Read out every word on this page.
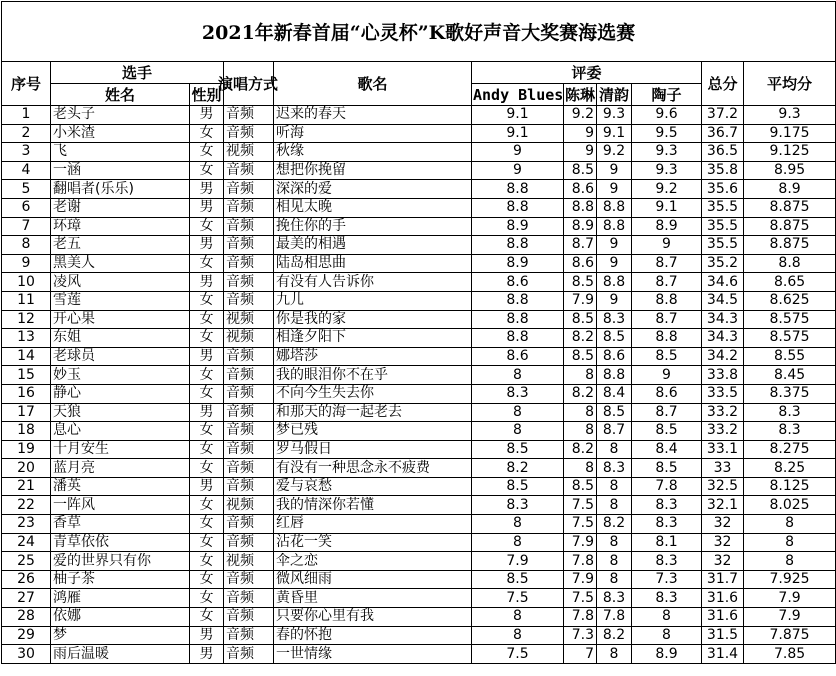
2021年新春首届“心灵杯”K歌好声音大奖赛海选赛										
序号	选手		演唱方式	歌名	评委				总分	平均分
	姓名	性别			Andy Blues	陈琳	清韵	陶子		
1	老头子	男	音频	迟来的春天	9.1	9.2	9.3	9.6	37.2	9.3
2	小米渣	女	音频	听海	9.1	9	9.1	9.5	36.7	9.175
3	飞	女	视频	秋缘	9	9	9.2	9.3	36.5	9.125
4	一涵	女	音频	想把你挽留	9	8.5	9	9.3	35.8	8.95
5	翻唱者(乐乐)	男	音频	深深的爱	8.8	8.6	9	9.2	35.6	8.9
6	老谢	男	音频	相见太晚	8.8	8.8	8.8	9.1	35.5	8.875
7	环璋	女	音频	挽住你的手	8.9	8.9	8.8	8.9	35.5	8.875
8	老五	男	音频	最美的相遇	8.8	8.7	9	9	35.5	8.875
9	黑美人	女	音频	陆岛相思曲	8.9	8.6	9	8.7	35.2	8.8
10	凌风	男	音频	有没有人告诉你	8.6	8.5	8.8	8.7	34.6	8.65
11	雪莲	女	音频	九儿	8.8	7.9	9	8.8	34.5	8.625
12	开心果	女	视频	你是我的家	8.8	8.5	8.3	8.7	34.3	8.575
13	东姐	女	视频	相逢夕阳下	8.8	8.2	8.5	8.8	34.3	8.575
14	老球员	男	音频	娜塔莎	8.6	8.5	8.6	8.5	34.2	8.55
15	妙玉	女	音频	我的眼泪你不在乎	8	8	8.8	9	33.8	8.45
16	静心	女	音频	不向今生失去你	8.3	8.2	8.4	8.6	33.5	8.375
17	天狼	男	音频	和那天的海一起老去	8	8	8.5	8.7	33.2	8.3
18	息心	女	音频	梦已残	8	8	8.7	8.5	33.2	8.3
19	十月安生	女	音频	罗马假日	8.5	8.2	8	8.4	33.1	8.275
20	蓝月亮	女	音频	有没有一种思念永不疲费	8.2	8	8.3	8.5	33	8.25
21	潘英	男	音频	爱与哀愁	8.5	8.5	8	7.8	32.5	8.125
22	一阵风	女	视频	我的情深你若懂	8.3	7.5	8	8.3	32.1	8.025
23	香草	女	音频	红唇	8	7.5	8.2	8.3	32	8
24	青草依依	女	音频	沾花一笑	8	7.9	8	8.1	32	8
25	爱的世界只有你	女	视频	伞之恋	7.9	7.8	8	8.3	32	8
26	柚子茶	女	音频	微风细雨	8.5	7.9	8	7.3	31.7	7.925
27	鸿雁	女	音频	黄昏里	7.5	7.5	8.3	8.3	31.6	7.9
28	依娜	女	音频	只要你心里有我	8	7.8	7.8	8	31.6	7.9
29	梦	男	音频	春的怀抱	8	7.3	8.2	8	31.5	7.875
30	雨后温暖	男	音频	一世情缘	7.5	7	8	8.9	31.4	7.85
